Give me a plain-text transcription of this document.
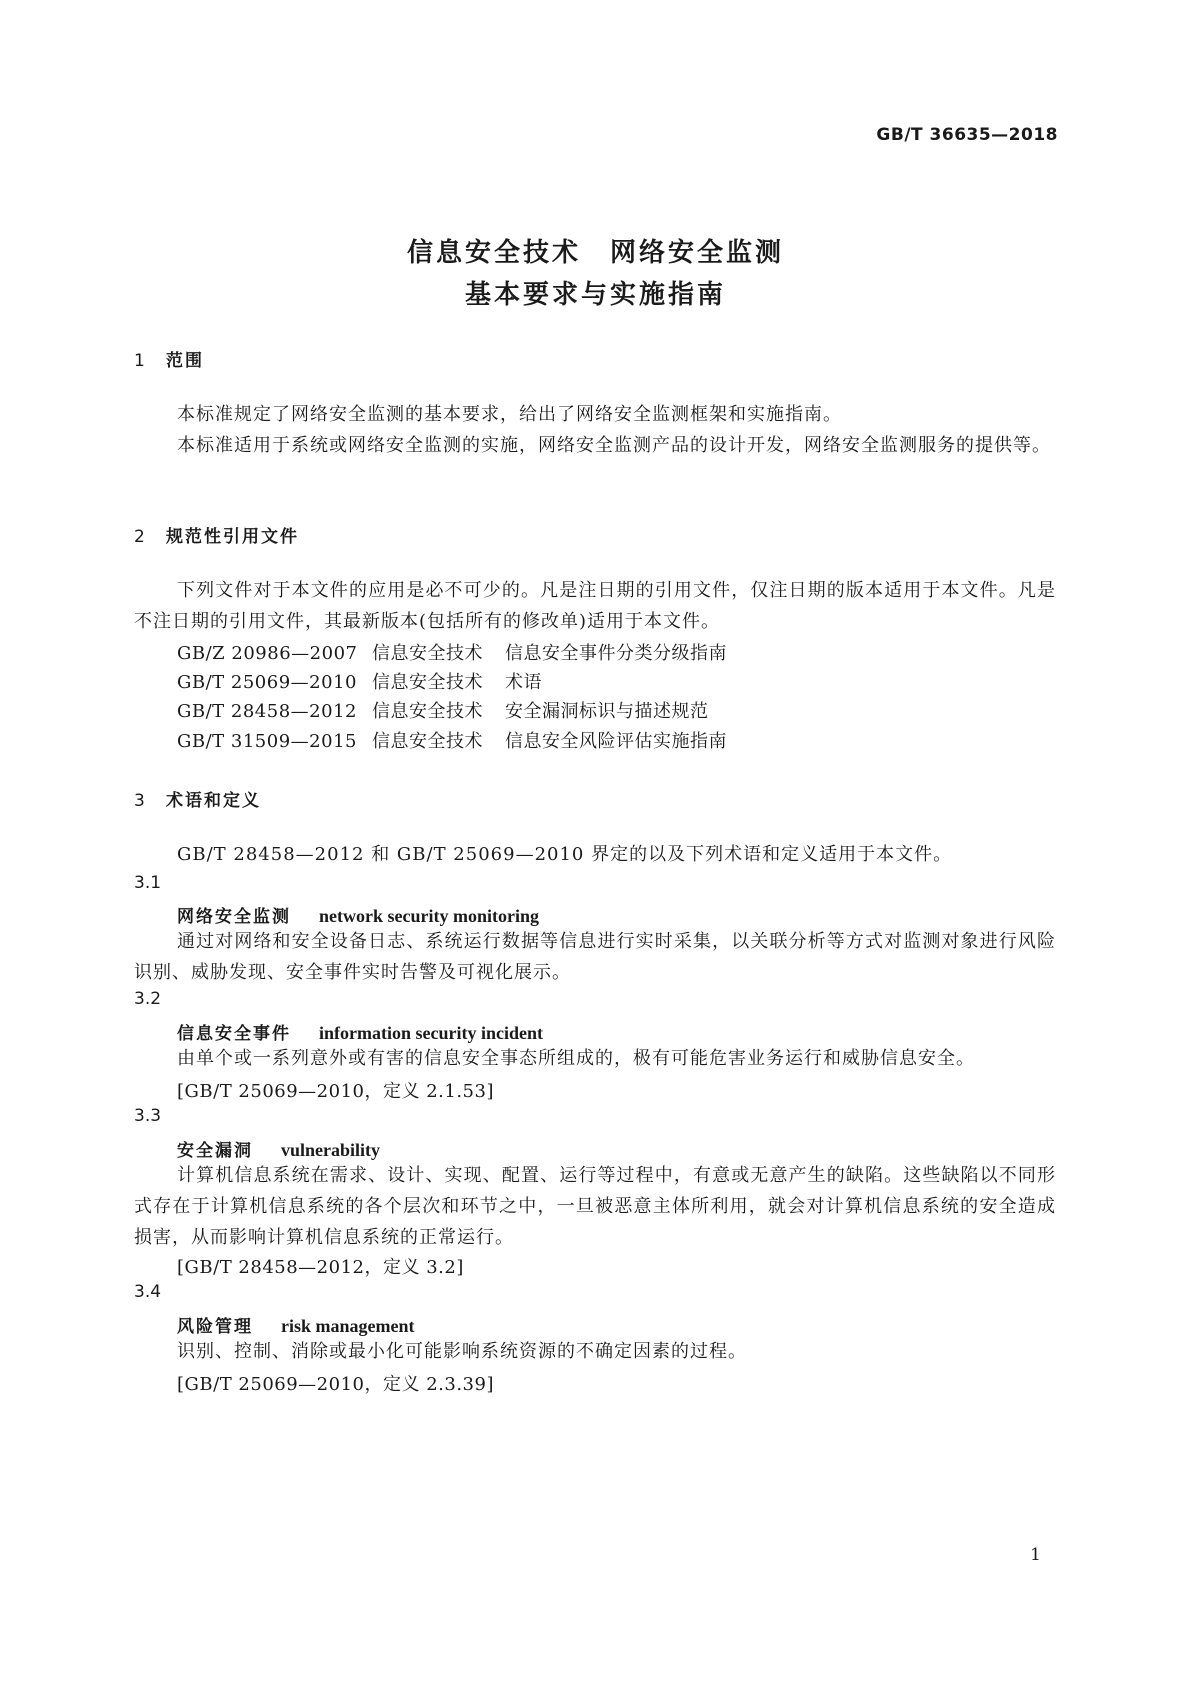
GB/T 36635—2018
信息安全技术　网络安全监测
基本要求与实施指南
1 范围
本标准规定了网络安全监测的基本要求，给出了网络安全监测框架和实施指南。
本标准适用于系统或网络安全监测的实施，网络安全监测产品的设计开发，网络安全监测服务的提供等。
2 规范性引用文件
下列文件对于本文件的应用是必不可少的。凡是注日期的引用文件，仅注日期的版本适用于本文件。凡是不注日期的引用文件，其最新版本(包括所有的修改单)适用于本文件。
GB/Z 20986—2007 信息安全技术 信息安全事件分类分级指南
GB/T 25069—2010 信息安全技术 术语
GB/T 28458—2012 信息安全技术 安全漏洞标识与描述规范
GB/T 31509—2015 信息安全技术 信息安全风险评估实施指南
3 术语和定义
GB/T 28458—2012 和 GB/T 25069—2010 界定的以及下列术语和定义适用于本文件。
3.1
网络安全监测 network security monitoring
通过对网络和安全设备日志、系统运行数据等信息进行实时采集，以关联分析等方式对监测对象进行风险识别、威胁发现、安全事件实时告警及可视化展示。
3.2
信息安全事件 information security incident
由单个或一系列意外或有害的信息安全事态所组成的，极有可能危害业务运行和威胁信息安全。
[GB/T 25069—2010，定义 2.1.53]
3.3
安全漏洞 vulnerability
计算机信息系统在需求、设计、实现、配置、运行等过程中，有意或无意产生的缺陷。这些缺陷以不同形式存在于计算机信息系统的各个层次和环节之中，一旦被恶意主体所利用，就会对计算机信息系统的安全造成损害，从而影响计算机信息系统的正常运行。
[GB/T 28458—2012，定义 3.2]
3.4
风险管理 risk management
识别、控制、消除或最小化可能影响系统资源的不确定因素的过程。
[GB/T 25069—2010，定义 2.3.39]
1
